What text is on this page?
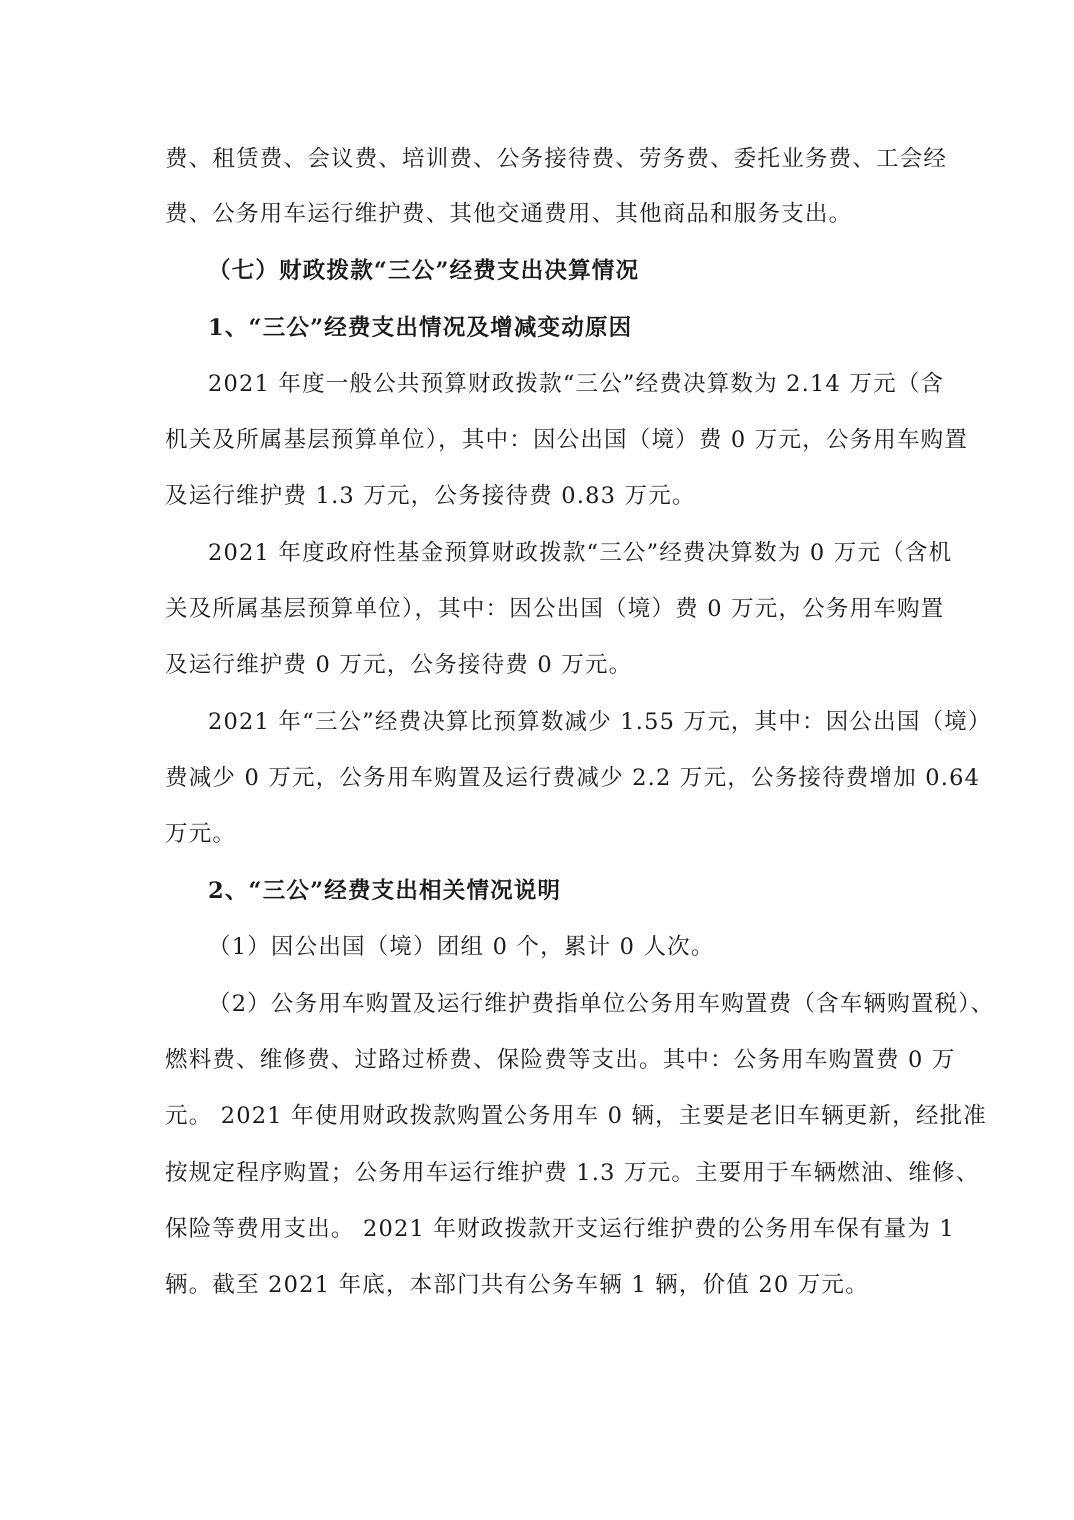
费、租赁费、会议费、培训费、公务接待费、劳务费、委托业务费、工会经
费、公务用车运行维护费、其他交通费用、其他商品和服务支出。
（七）财政拨款“三公”经费支出决算情况
1、“三公”经费支出情况及增减变动原因
2021 年度一般公共预算财政拨款“三公”经费决算数为 2.14 万元（含
机关及所属基层预算单位），其中：因公出国（境）费 0 万元，公务用车购置
及运行维护费 1.3 万元，公务接待费 0.83 万元。
2021 年度政府性基金预算财政拨款“三公”经费决算数为 0 万元（含机
关及所属基层预算单位），其中：因公出国（境）费 0 万元，公务用车购置
及运行维护费 0 万元，公务接待费 0 万元。
2021 年“三公”经费决算比预算数减少 1.55 万元，其中：因公出国（境）
费减少 0 万元，公务用车购置及运行费减少 2.2 万元，公务接待费增加 0.64
万元。
2、“三公”经费支出相关情况说明
（1）因公出国（境）团组 0 个，累计 0 人次。
（2）公务用车购置及运行维护费指单位公务用车购置费（含车辆购置税）、
燃料费、维修费、过路过桥费、保险费等支出。其中：公务用车购置费 0 万
元。 2021 年使用财政拨款购置公务用车 0 辆，主要是老旧车辆更新，经批准
按规定程序购置；公务用车运行维护费 1.3 万元。主要用于车辆燃油、维修、
保险等费用支出。 2021 年财政拨款开支运行维护费的公务用车保有量为 1
辆。截至 2021 年底，本部门共有公务车辆 1 辆，价值 20 万元。
